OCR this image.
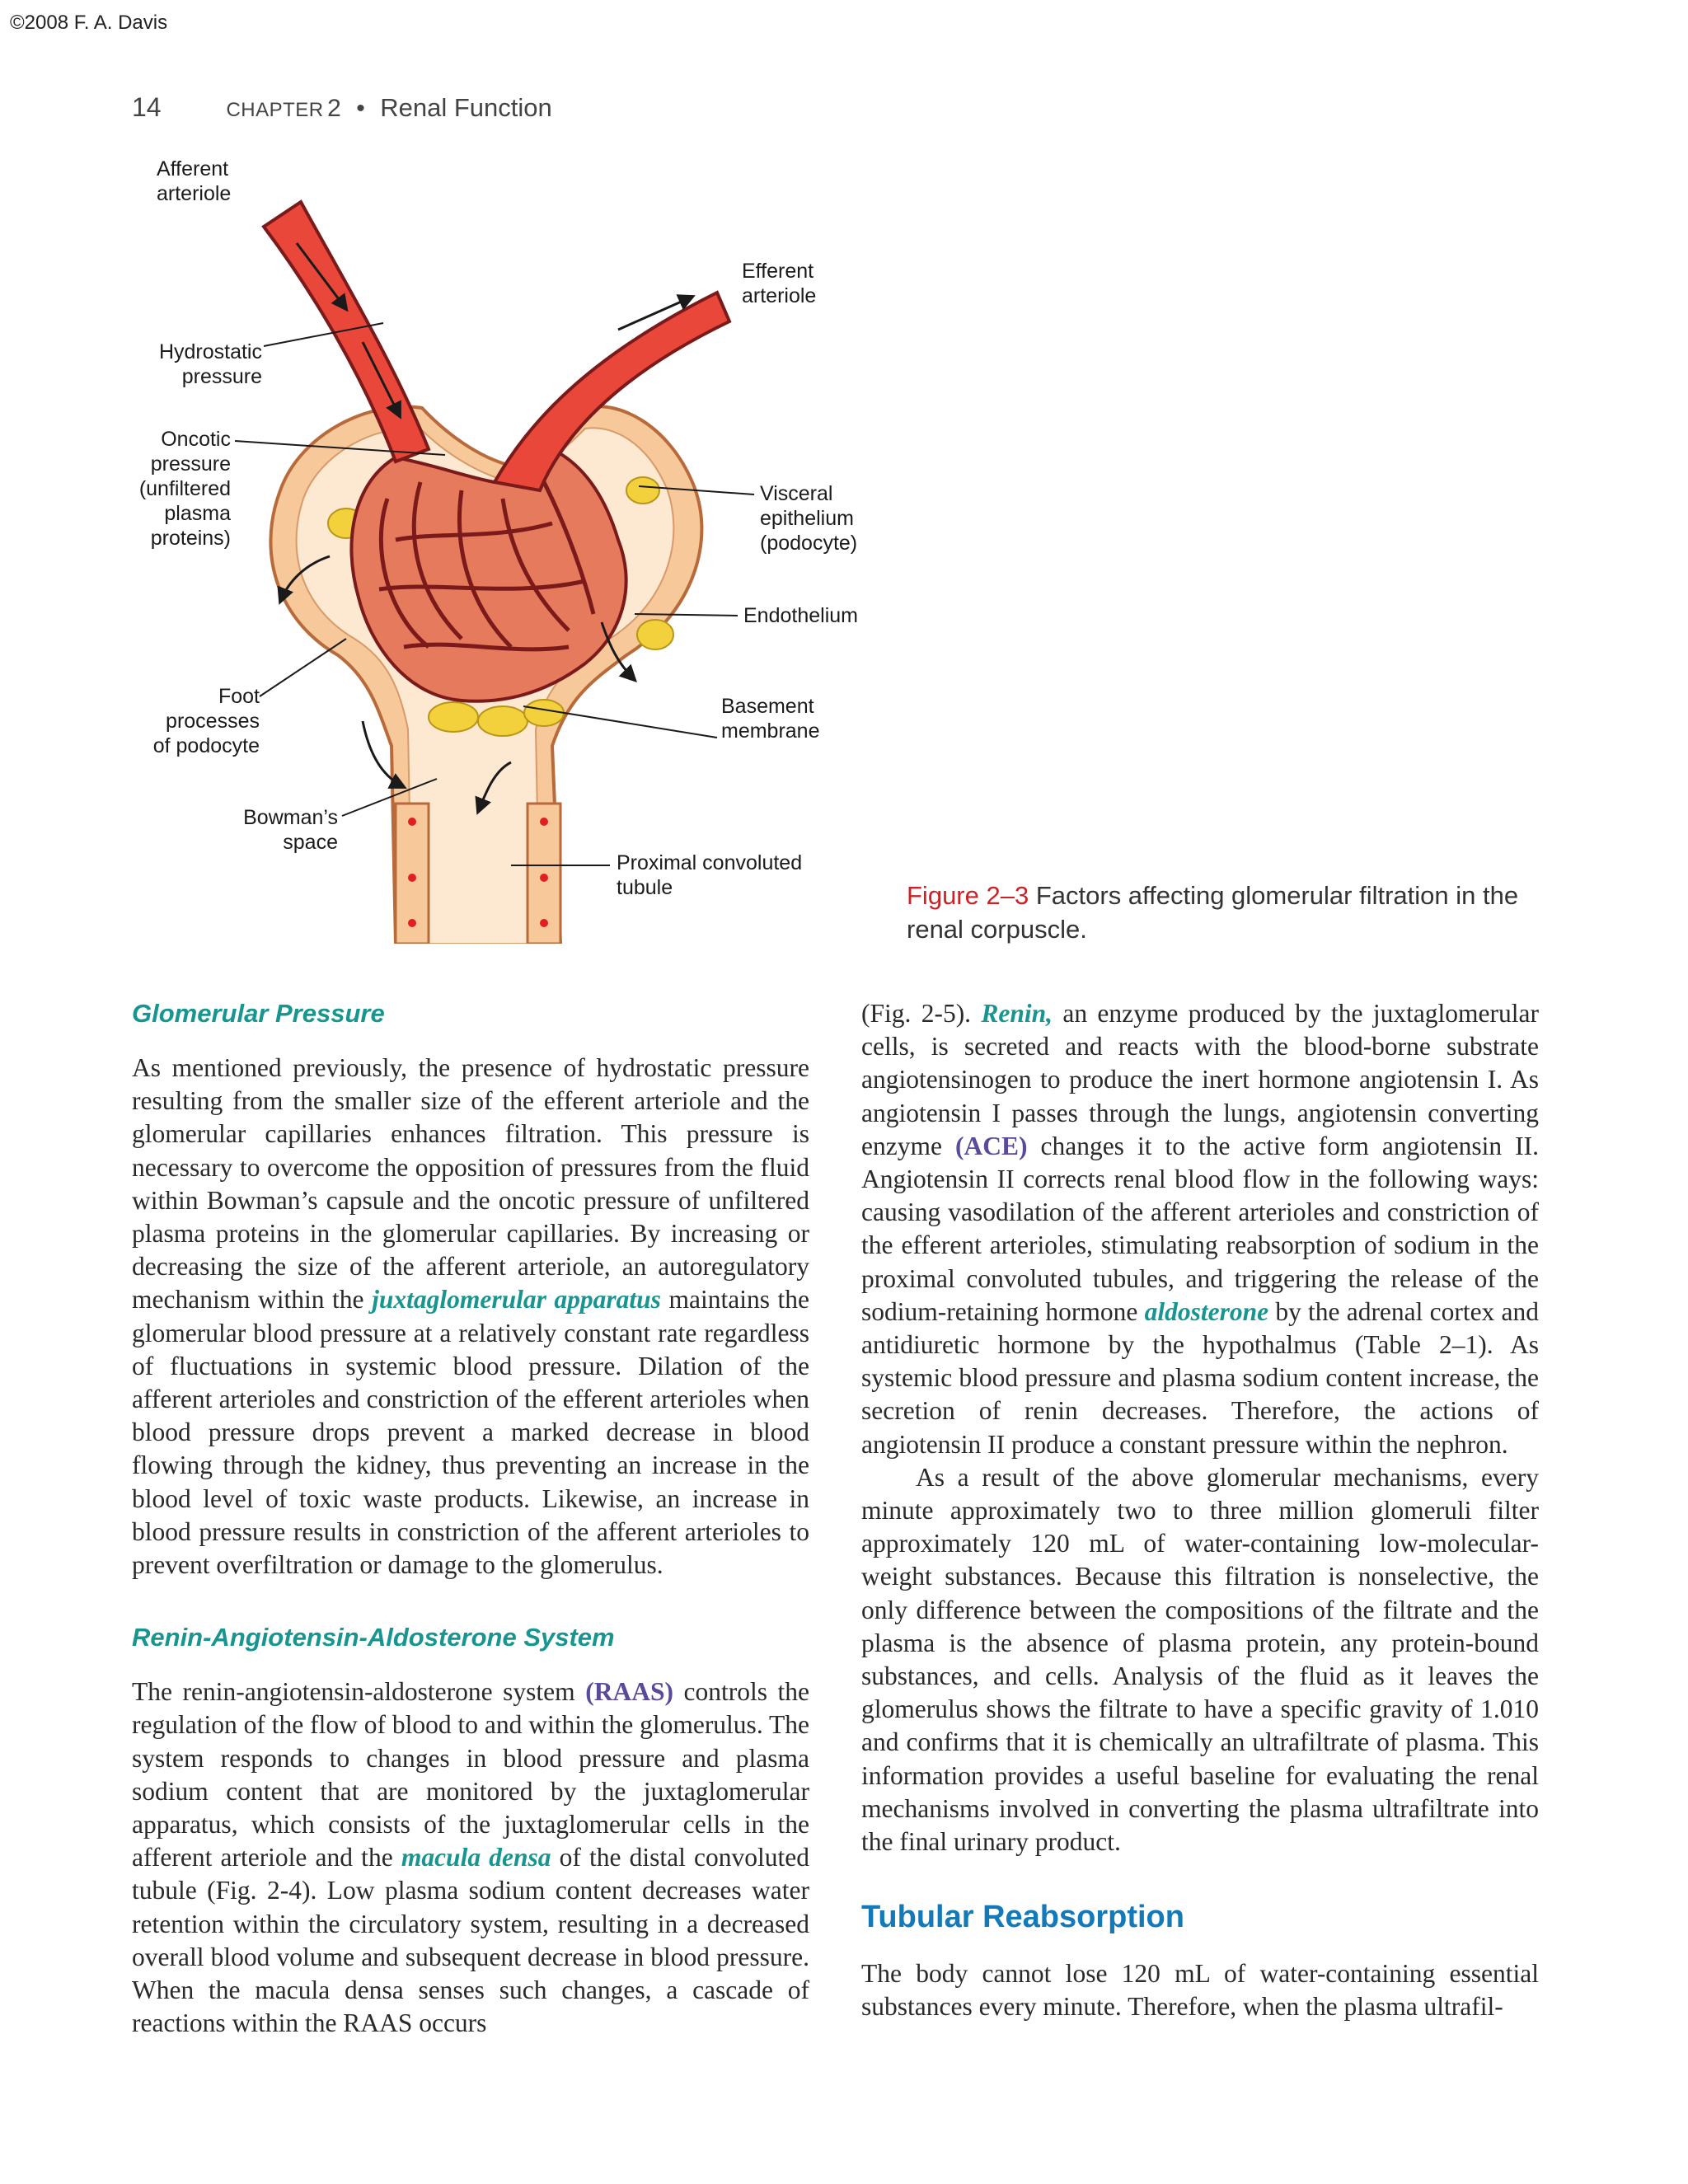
©2008 F. A. Davis
14	CHAPTER 2 • Renal Function
Afferent
arteriole
Efferent
arteriole
Hydrostatic
pressure
Oncotic
pressure
(unfiltered
plasma
proteins)
Visceral
epithelium
(podocyte)
Endothelium
Foot
processes
of podocyte
Basement
membrane
Bowman’s
space
Proximal convoluted
tubule	Figure 2–3 Factors affecting glomerular filtration in the renal corpuscle.
Glomerular Pressure

As mentioned previously, the presence of hydrostatic pressure resulting from the smaller size of the efferent arteriole and the glomerular capillaries enhances filtration. This pressure is necessary to overcome the opposition of pressures from the fluid within Bowman’s capsule and the oncotic pressure of unfiltered plasma proteins in the glomerular capillaries. By increasing or decreasing the size of the afferent arteriole, an autoregulatory mechanism within the juxtaglomerular apparatus maintains the glomerular blood pressure at a relatively constant rate regardless of fluctuations in systemic blood pressure. Dilation of the afferent arterioles and constriction of the efferent arterioles when blood pressure drops prevent a marked decrease in blood flowing through the kidney, thus preventing an increase in the blood level of toxic waste products. Likewise, an increase in blood pressure results in constriction of the afferent arterioles to prevent overfiltration or damage to the glomerulus.

Renin-Angiotensin-Aldosterone System

The renin-angiotensin-aldosterone system (RAAS) controls the regulation of the flow of blood to and within the glomerulus. The system responds to changes in blood pressure and plasma sodium content that are monitored by the juxtaglomerular apparatus, which consists of the juxtaglomerular cells in the afferent arteriole and the macula densa of the distal convoluted tubule (Fig. 2-4). Low plasma sodium content decreases water retention within the circulatory system, resulting in a decreased overall blood volume and subsequent decrease in blood pressure. When the macula densa senses such changes, a cascade of reactions within the RAAS occurs

(Fig. 2-5). Renin, an enzyme produced by the juxtaglomerular cells, is secreted and reacts with the blood-borne substrate angiotensinogen to produce the inert hormone angiotensin I. As angiotensin I passes through the lungs, angiotensin converting enzyme (ACE) changes it to the active form angiotensin II. Angiotensin II corrects renal blood flow in the following ways: causing vasodilation of the afferent arterioles and constriction of the efferent arterioles, stimulating reabsorption of sodium in the proximal convoluted tubules, and triggering the release of the sodium-retaining hormone aldosterone by the adrenal cortex and antidiuretic hormone by the hypothalmus (Table 2–1). As systemic blood pressure and plasma sodium content increase, the secretion of renin decreases. Therefore, the actions of angiotensin II produce a constant pressure within the nephron.

As a result of the above glomerular mechanisms, every minute approximately two to three million glomeruli filter approximately 120 mL of water-containing low-molecular-weight substances. Because this filtration is nonselective, the only difference between the compositions of the filtrate and the plasma is the absence of plasma protein, any protein-bound substances, and cells. Analysis of the fluid as it leaves the glomerulus shows the filtrate to have a specific gravity of 1.010 and confirms that it is chemically an ultrafiltrate of plasma. This information provides a useful baseline for evaluating the renal mechanisms involved in converting the plasma ultrafiltrate into the final urinary product.

Tubular Reabsorption

The body cannot lose 120 mL of water-containing essential substances every minute. Therefore, when the plasma ultrafil-
